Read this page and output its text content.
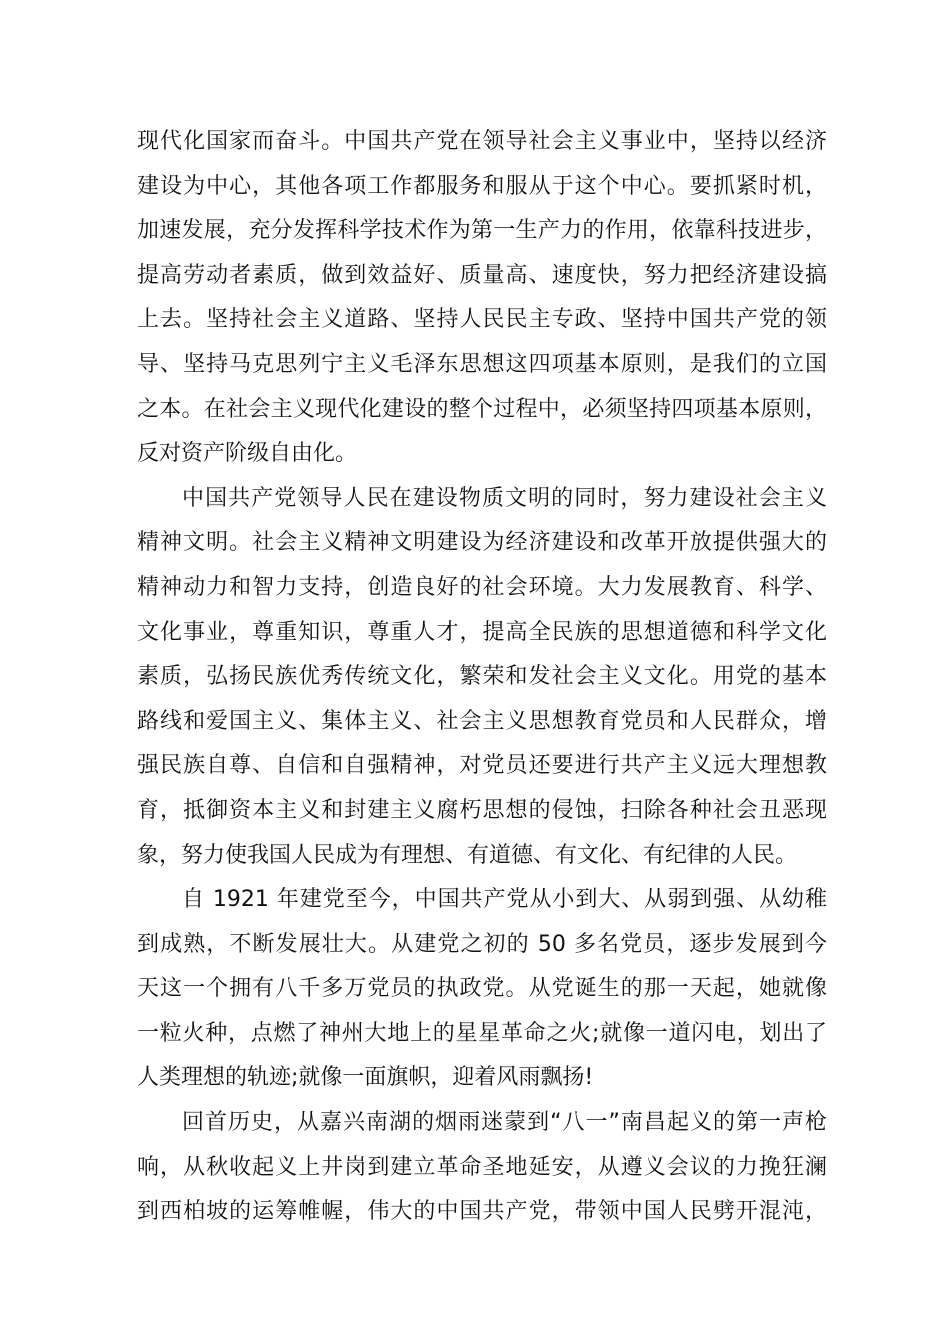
现代化国家而奋斗。中国共产党在领导社会主义事业中，坚持以经济
建设为中心，其他各项工作都服务和服从于这个中心。要抓紧时机，
加速发展，充分发挥科学技术作为第一生产力的作用，依靠科技进步，
提高劳动者素质，做到效益好、质量高、速度快，努力把经济建设搞
上去。坚持社会主义道路、坚持人民民主专政、坚持中国共产党的领
导、坚持马克思列宁主义毛泽东思想这四项基本原则，是我们的立国
之本。在社会主义现代化建设的整个过程中，必须坚持四项基本原则，
反对资产阶级自由化。
中国共产党领导人民在建设物质文明的同时，努力建设社会主义
精神文明。社会主义精神文明建设为经济建设和改革开放提供强大的
精神动力和智力支持，创造良好的社会环境。大力发展教育、科学、
文化事业，尊重知识，尊重人才，提高全民族的思想道德和科学文化
素质，弘扬民族优秀传统文化，繁荣和发社会主义文化。用党的基本
路线和爱国主义、集体主义、社会主义思想教育党员和人民群众，增
强民族自尊、自信和自强精神，对党员还要进行共产主义远大理想教
育，抵御资本主义和封建主义腐朽思想的侵蚀，扫除各种社会丑恶现
象，努力使我国人民成为有理想、有道德、有文化、有纪律的人民。
自 1921 年建党至今，中国共产党从小到大、从弱到强、从幼稚
到成熟，不断发展壮大。从建党之初的 50 多名党员，逐步发展到今
天这一个拥有八千多万党员的执政党。从党诞生的那一天起，她就像
一粒火种，点燃了神州大地上的星星革命之火;就像一道闪电，划出了
人类理想的轨迹;就像一面旗帜，迎着风雨飘扬!
回首历史，从嘉兴南湖的烟雨迷蒙到“八一”南昌起义的第一声枪
响，从秋收起义上井岗到建立革命圣地延安，从遵义会议的力挽狂澜
到西柏坡的运筹帷幄，伟大的中国共产党，带领中国人民劈开混沌，
